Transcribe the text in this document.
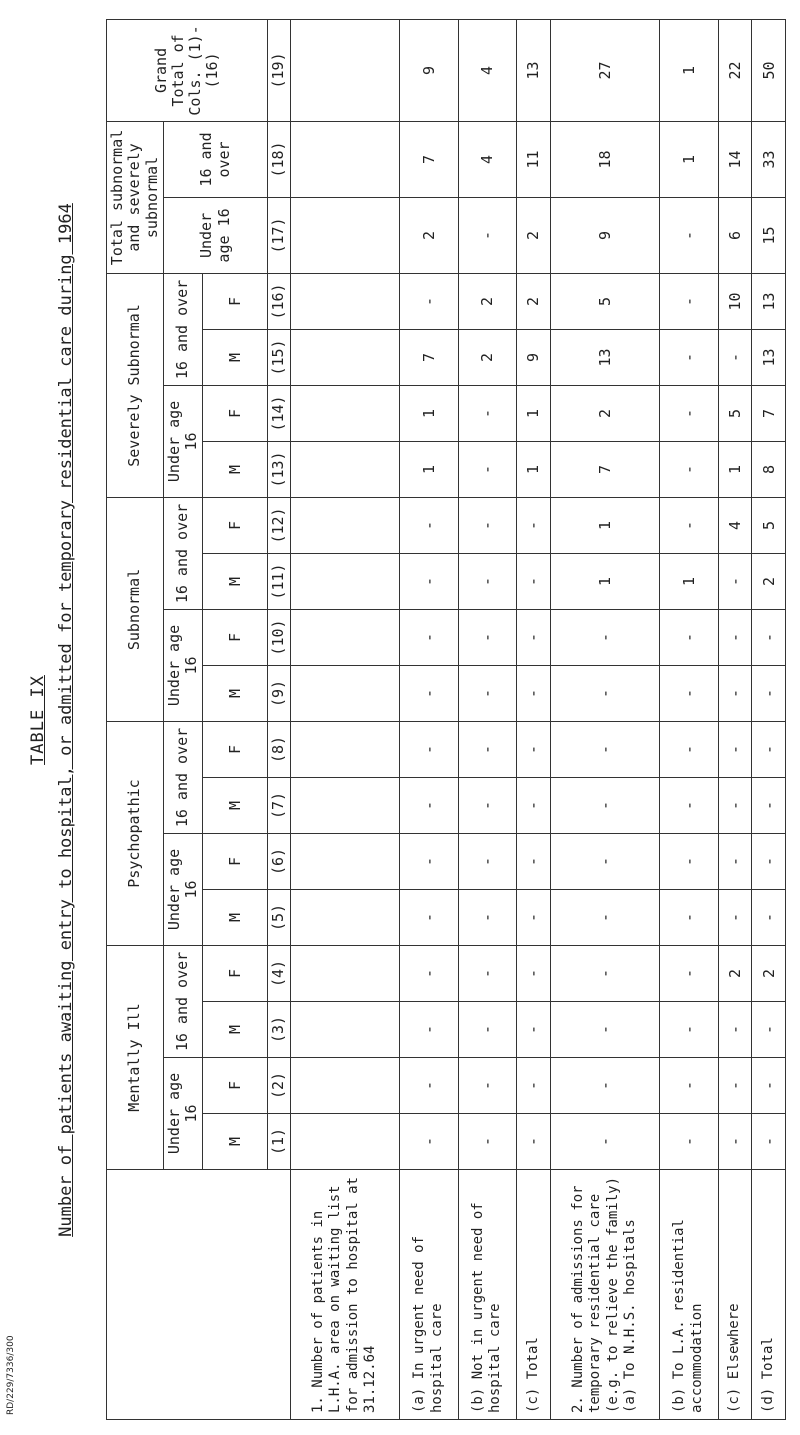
TABLE IX Number of patients awaiting entry to hospital, or admitted for temporary residential care during 1964
		Mentally Ill				Psychopathic				Subnormal				Severely Subnormal				Total subnormal and severely subnormal		Grand Total of Cols. (1)-(16)
	Under age 16		16 and over		Under age 16		16 and over		Under age 16		16 and over		Under age 16		16 and over		Under age 16	16 and over	
	M	F	M	F	M	F	M	F	M	F	M	F	M	F	M	F			
	(1)	(2)	(3)	(4)	(5)	(6)	(7)	(8)	(9)	(10)	(11)	(12)	(13)	(14)	(15)	(16)	(17)	(18)	(19)
1. Number of patients in L.H.A. area on waiting list for admission to hospital at 31.12.64																			
(a) In urgent need of hospital care	-	-	-	-	-	-	-	-	-	-	-	-	1	1	7	-	2	7	9
(b) Not in urgent need of hospital care	-	-	-	-	-	-	-	-	-	-	-	-	-	-	2	2	-	4	4
(c) Total	-	-	-	-	-	-	-	-	-	-	-	-	1	1	9	2	2	11	13
2. Number of admissions for temporary residential care (e.g. to relieve the family) (a) To N.H.S. hospitals	-	-	-	-	-	-	-	-	-	-	1	1	7	2	13	5	9	18	27
(b) To L.A. residential accommodation	-	-	-	-	-	-	-	-	-	-	1	-	-	-	-	-	-	1	1
(c) Elsewhere	-	-	-	2	-	-	-	-	-	-	-	4	1	5	-	10	6	14	22
(d) Total	-	-	-	2	-	-	-	-	-	-	2	5	8	7	13	13	15	33	50
RD/229/7336/300
